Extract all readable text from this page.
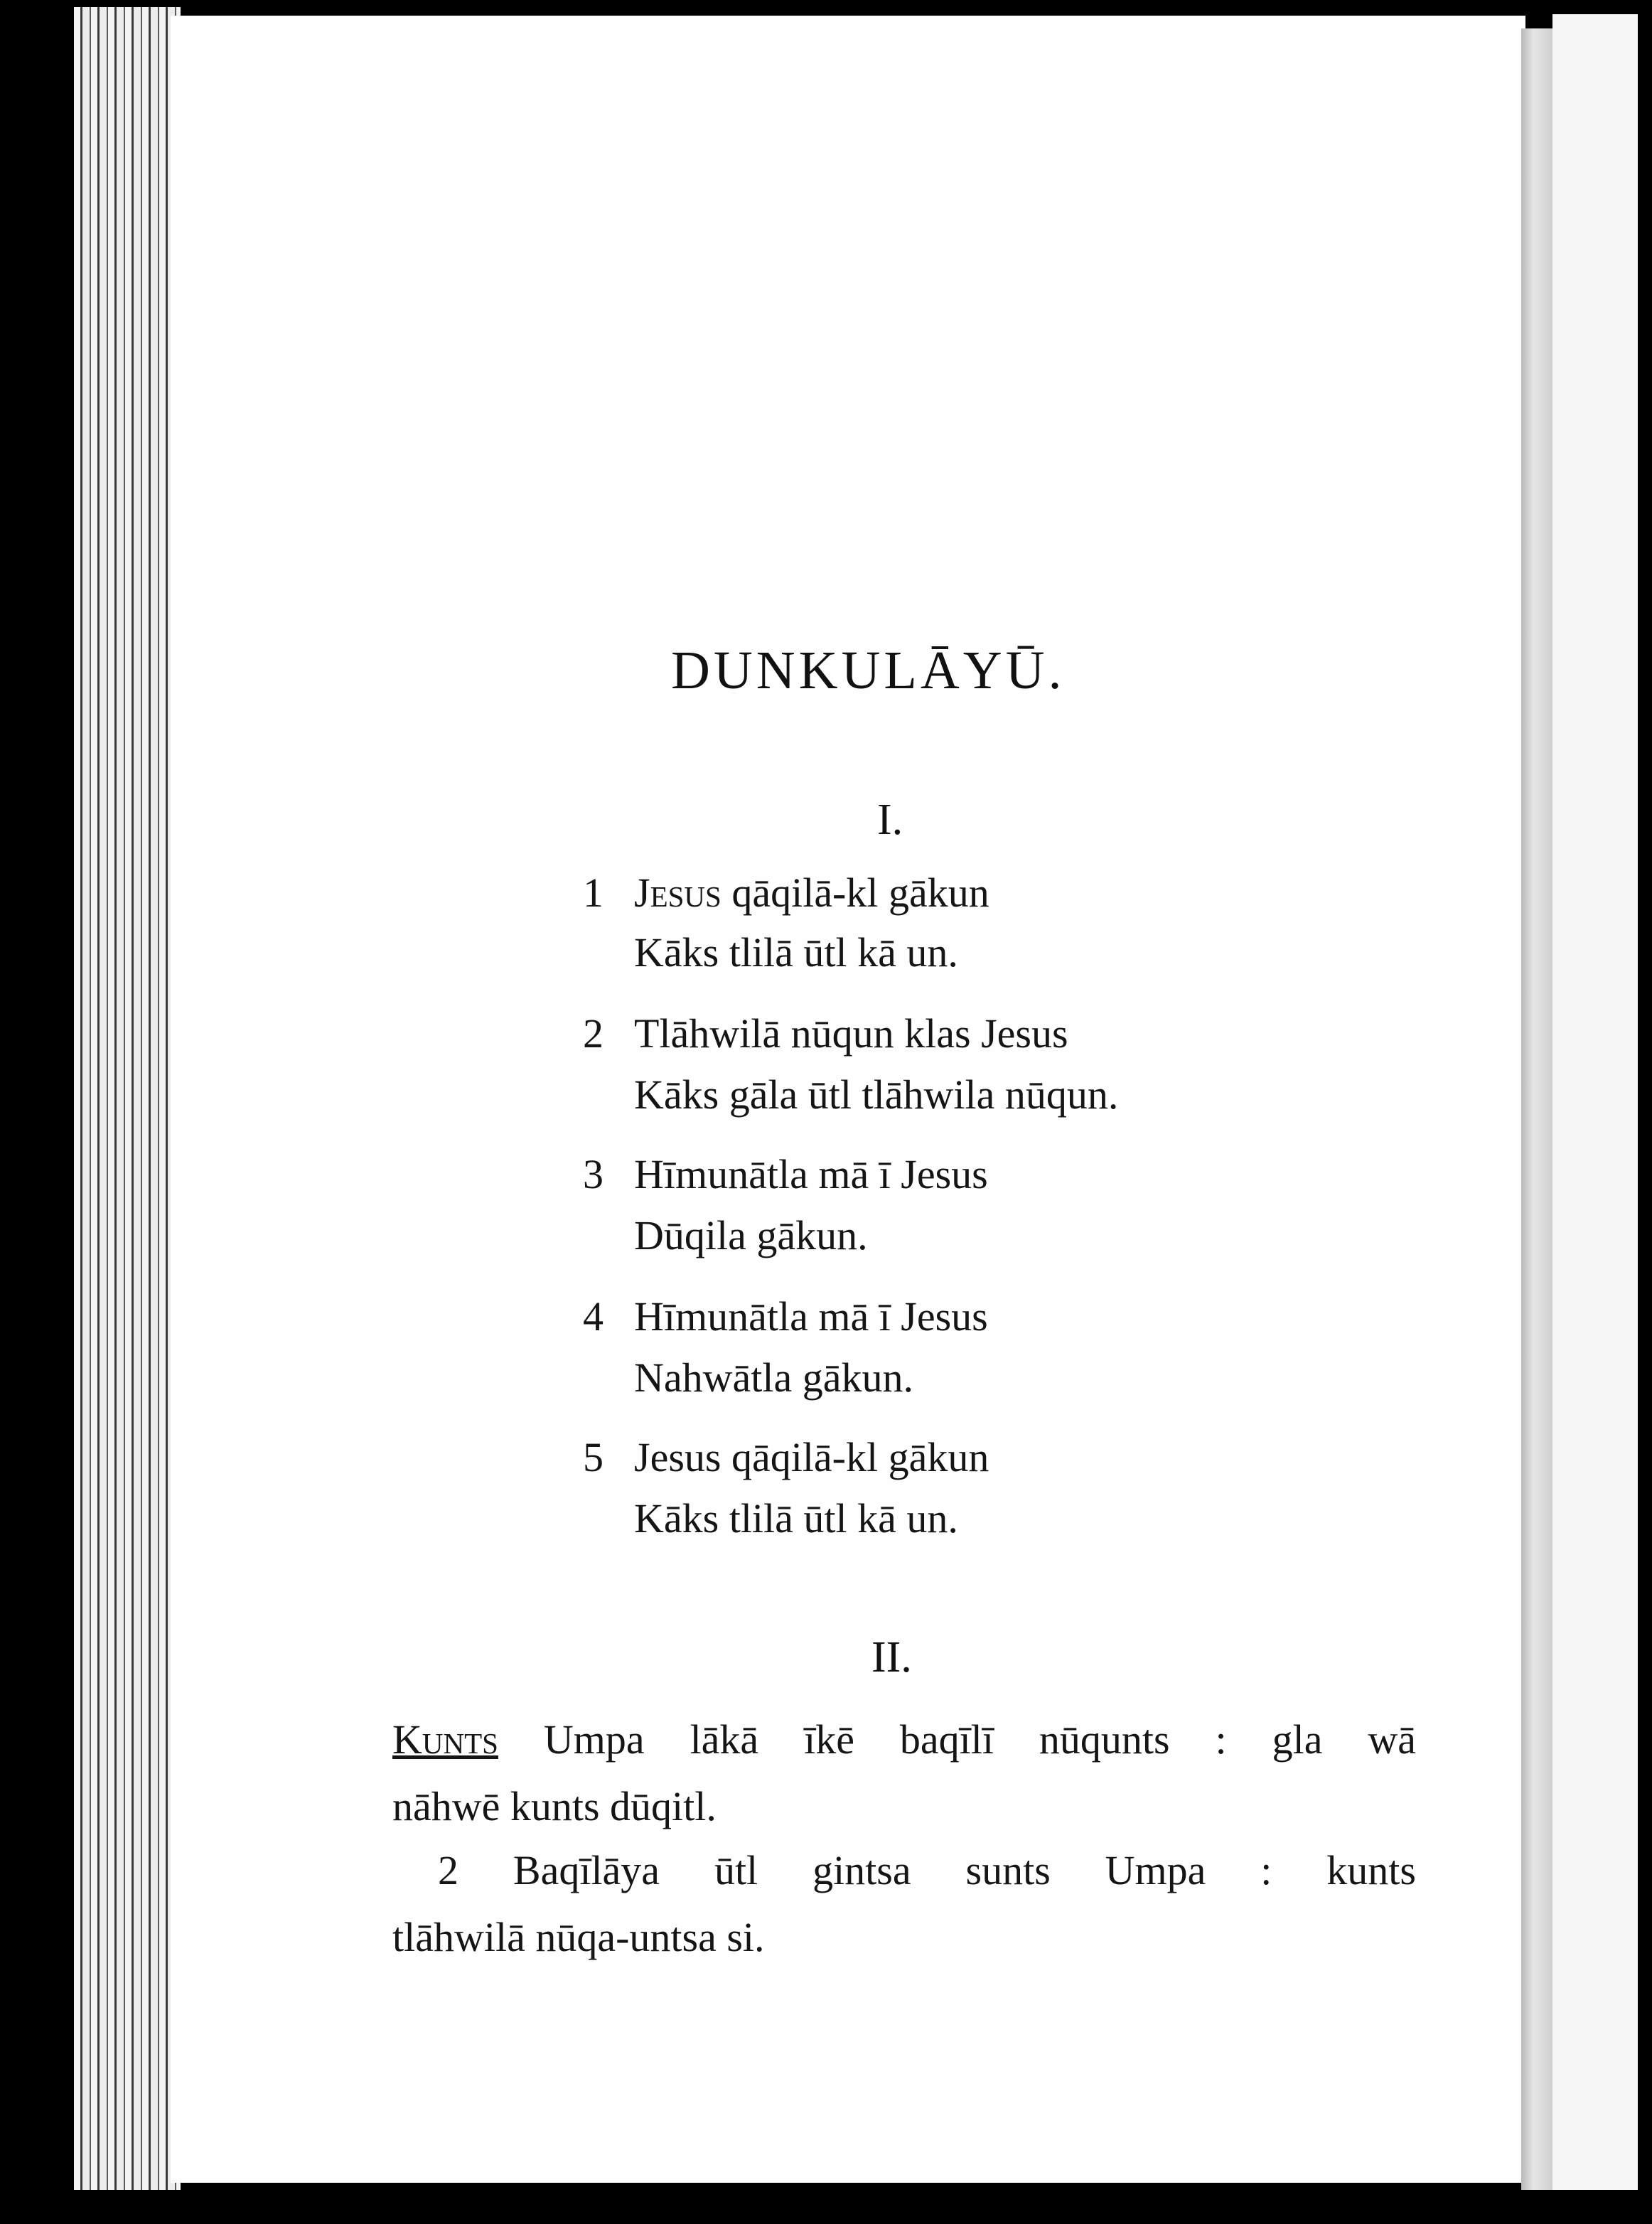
DUNKULĀYŪ.
I.
1 Jesus qāqilā-kl gākun
Kāks tlilā ūtl kā un.
2 Tlāhwilā nūqun klas Jesus
Kāks gāla ūtl tlāhwila nūqun.
3 Hīmunātla mā ī Jesus
Dūqila gākun.
4 Hīmunātla mā ī Jesus
Nahwātla gākun.
5 Jesus qāqilā-kl gākun
Kāks tlilā ūtl kā un.
II.
Kunts Umpa lākā īkē baqīlī nūqunts : gla wā
nāhwē kunts dūqitl.
2 Baqīlāya ūtl gintsa sunts Umpa : kunts
tlāhwilā nūqa-untsa si.
